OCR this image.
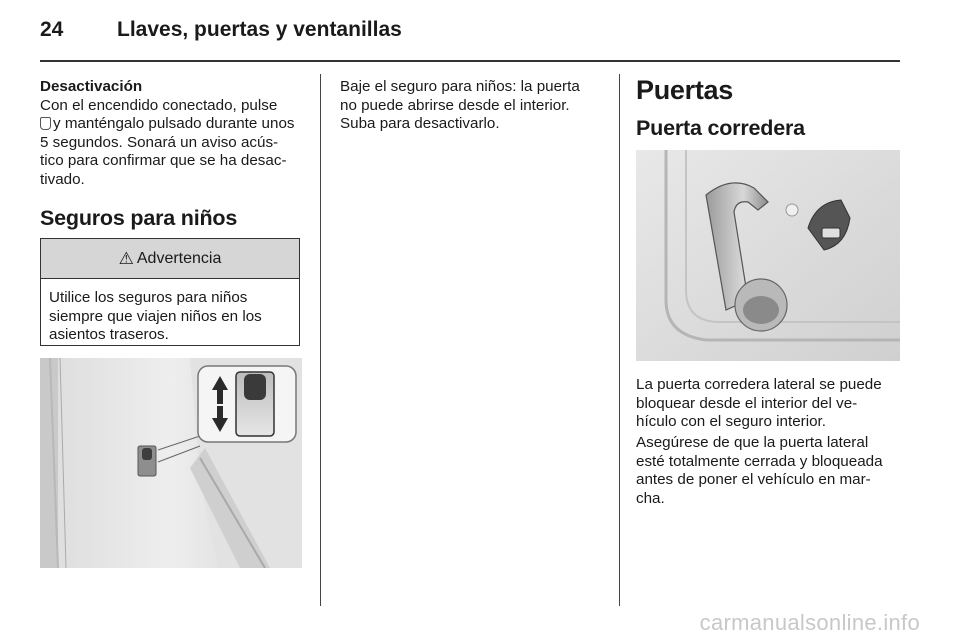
24	Llaves, puertas y ventanillas

Desactivación

Con el encendido conectado, pulse

y manténgalo pulsado durante unos

5 segundos. Sonará un aviso acús-

tico para confirmar que se ha desac-

tivado.

Seguros para niños
⚠ Advertencia
Utilice los seguros para niños
siempre que viajen niños en los
asientos traseros.

Baje el seguro para niños: la puerta

no puede abrirse desde el interior.

Suba para desactivarlo.

Puertas
Puerta corredera

La puerta corredera lateral se puede

bloquear desde el interior del ve-

hículo con el seguro interior.

Asegúrese de que la puerta lateral

esté totalmente cerrada y bloqueada

antes de poner el vehículo en mar-

cha.

carmanualsonline.info
